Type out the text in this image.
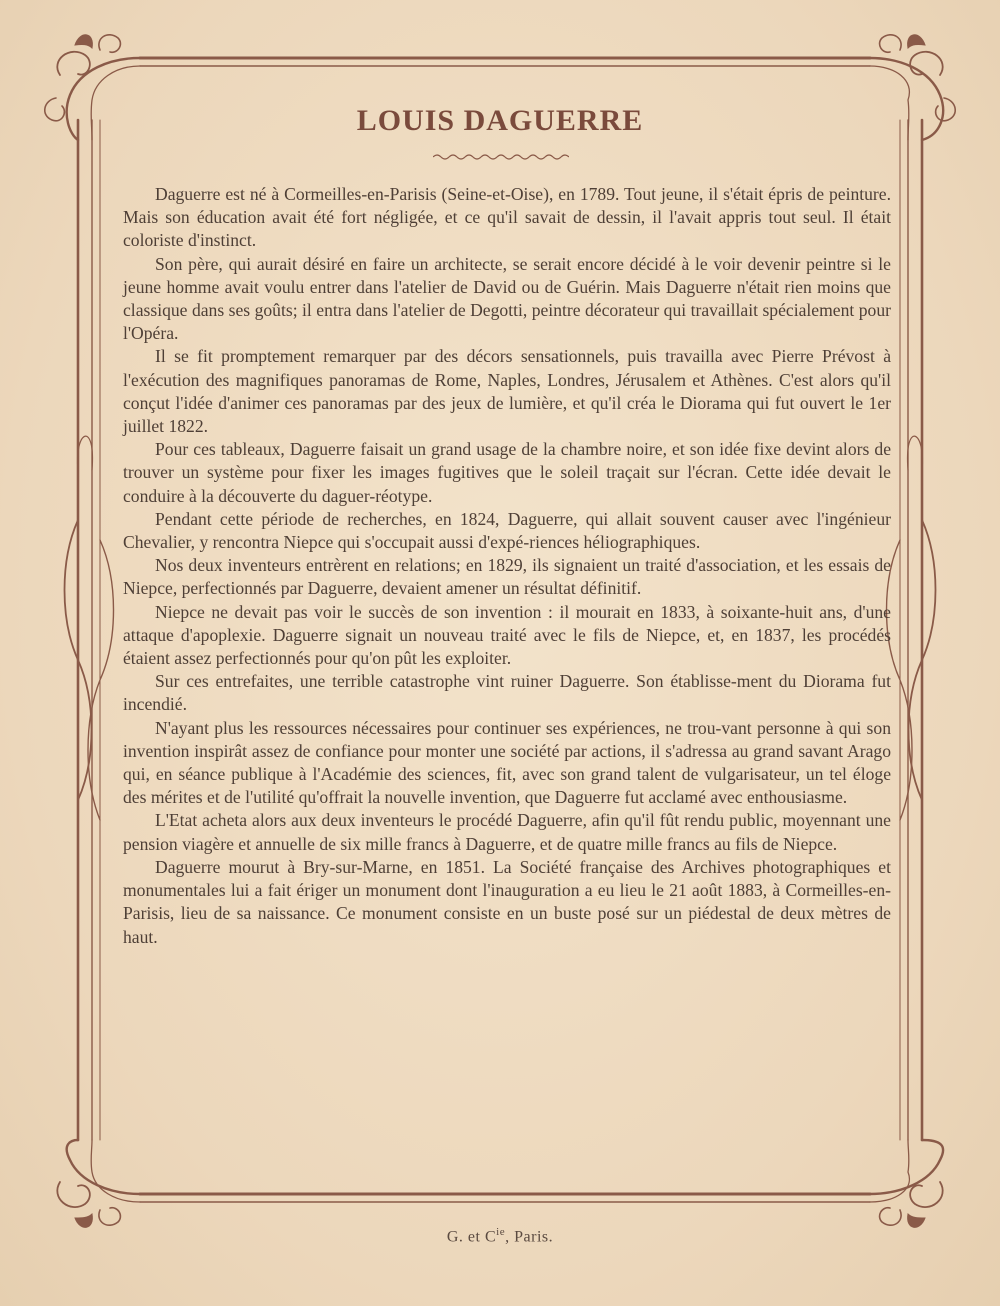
LOUIS DAGUERRE

Daguerre est né à Cormeilles-en-Parisis (Seine-et-Oise), en 1789. Tout jeune, il s'était épris de peinture. Mais son éducation avait été fort négligée, et ce qu'il savait de dessin, il l'avait appris tout seul. Il était coloriste d'instinct.

Son père, qui aurait désiré en faire un architecte, se serait encore décidé à le voir devenir peintre si le jeune homme avait voulu entrer dans l'atelier de David ou de Guérin. Mais Daguerre n'était rien moins que classique dans ses goûts; il entra dans l'atelier de Degotti, peintre décorateur qui travaillait spécialement pour l'Opéra.

Il se fit promptement remarquer par des décors sensationnels, puis travailla avec Pierre Prévost à l'exécution des magnifiques panoramas de Rome, Naples, Londres, Jérusalem et Athènes. C'est alors qu'il conçut l'idée d'animer ces panoramas par des jeux de lumière, et qu'il créa le Diorama qui fut ouvert le 1er juillet 1822.

Pour ces tableaux, Daguerre faisait un grand usage de la chambre noire, et son idée fixe devint alors de trouver un système pour fixer les images fugitives que le soleil traçait sur l'écran. Cette idée devait le conduire à la découverte du daguer-réotype.

Pendant cette période de recherches, en 1824, Daguerre, qui allait souvent causer avec l'ingénieur Chevalier, y rencontra Niepce qui s'occupait aussi d'expé-riences héliographiques.

Nos deux inventeurs entrèrent en relations; en 1829, ils signaient un traité d'association, et les essais de Niepce, perfectionnés par Daguerre, devaient amener un résultat définitif.

Niepce ne devait pas voir le succès de son invention : il mourait en 1833, à soixante-huit ans, d'une attaque d'apoplexie. Daguerre signait un nouveau traité avec le fils de Niepce, et, en 1837, les procédés étaient assez perfectionnés pour qu'on pût les exploiter.

Sur ces entrefaites, une terrible catastrophe vint ruiner Daguerre. Son établisse-ment du Diorama fut incendié.

N'ayant plus les ressources nécessaires pour continuer ses expériences, ne trou-vant personne à qui son invention inspirât assez de confiance pour monter une société par actions, il s'adressa au grand savant Arago qui, en séance publique à l'Académie des sciences, fit, avec son grand talent de vulgarisateur, un tel éloge des mérites et de l'utilité qu'offrait la nouvelle invention, que Daguerre fut acclamé avec enthousiasme.

L'Etat acheta alors aux deux inventeurs le procédé Daguerre, afin qu'il fût rendu public, moyennant une pension viagère et annuelle de six mille francs à Daguerre, et de quatre mille francs au fils de Niepce.

Daguerre mourut à Bry-sur-Marne, en 1851. La Société française des Archives photographiques et monumentales lui a fait ériger un monument dont l'inauguration a eu lieu le 21 août 1883, à Cormeilles-en-Parisis, lieu de sa naissance. Ce monument consiste en un buste posé sur un piédestal de deux mètres de haut.

G. et $C^{ie}$, Paris.
